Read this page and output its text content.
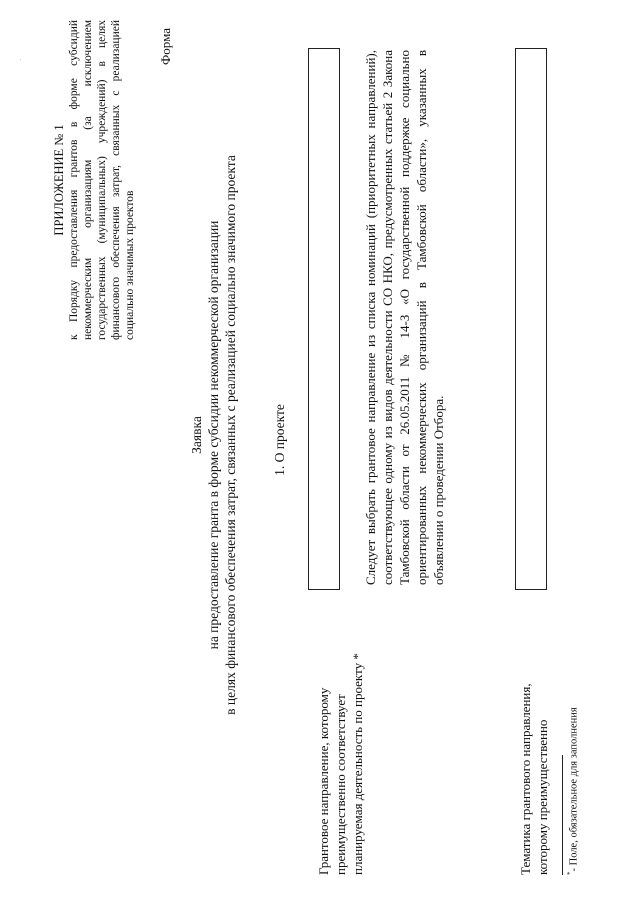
ПРИЛОЖЕНИЕ № 1 к Порядку предоставления грантов в форме субсидий некоммерческим организациям (за исключением государственных (муниципальных) учреждений) в целях финансового обеспечения затрат, связанных с реализацией социально значимых проектов
Форма
Заявка на предоставление гранта в форме субсидии некоммерческой организации в целях финансового обеспечения затрат, связанных с реализацией социально значимого проекта	1. О проекте
Грантовое направление, которому преимущественно соответствует планируемая деятельность по проекту *
Следует выбрать грантовое направление из списка номинаций (приоритетных направлений), соответствующее одному из видов деятельности СО НКО, предусмотренных статьей 2 Закона Тамбовской области от 26.05.2011 № 14-З «О государственной поддержке социально ориентированных некоммерческих организаций в Тамбовской области», указанных в объявлении о проведении Отбора.
Тематика грантового направления, которому преимущественно *- Поле, обязательное для заполнения
